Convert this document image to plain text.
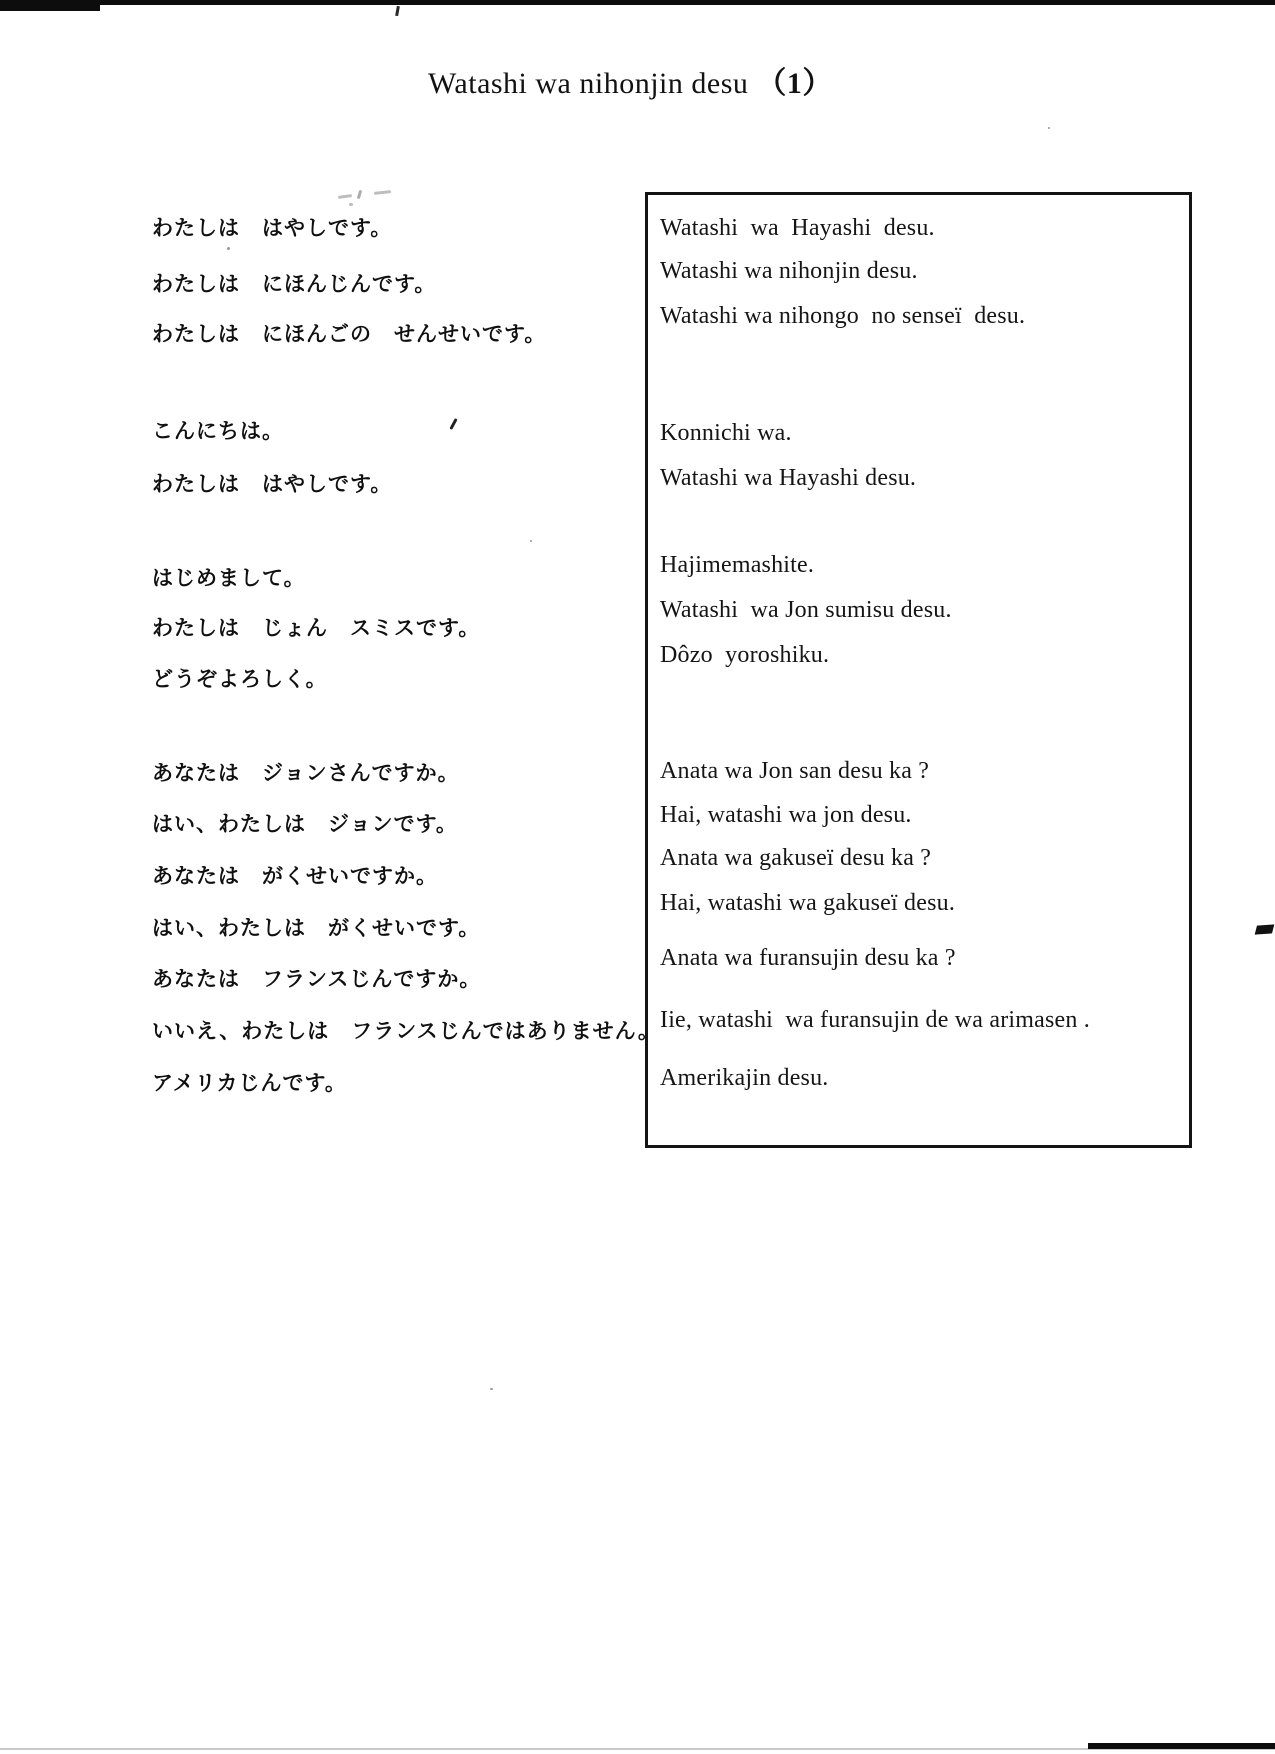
Watashi wa nihonjin desu （1）
わたしは　はやしです。
わたしは　にほんじんです。
わたしは　にほんごの　せんせいです。
こんにちは。
わたしは　はやしです。
はじめまして。
わたしは　じょん　スミスです。
どうぞよろしく。
あなたは　ジョンさんですか。
はい、わたしは　ジョンです。
あなたは　がくせいですか。
はい、わたしは　がくせいです。
あなたは　フランスじんですか。
いいえ、わたしは　フランスじんではありません。
アメリカじんです。
Watashi  wa  Hayashi  desu.
Watashi wa nihonjin desu.
Watashi wa nihongo  no senseï  desu.
Konnichi wa.
Watashi wa Hayashi desu.
Hajimemashite.
Watashi  wa Jon sumisu desu.
Dôzo  yoroshiku.
Anata wa Jon san desu ka ?
Hai, watashi wa jon desu.
Anata wa gakuseï desu ka ?
Hai, watashi wa gakuseï desu.
Anata wa furansujin desu ka ?
Iie, watashi  wa furansujin de wa arimasen .
Amerikajin desu.
